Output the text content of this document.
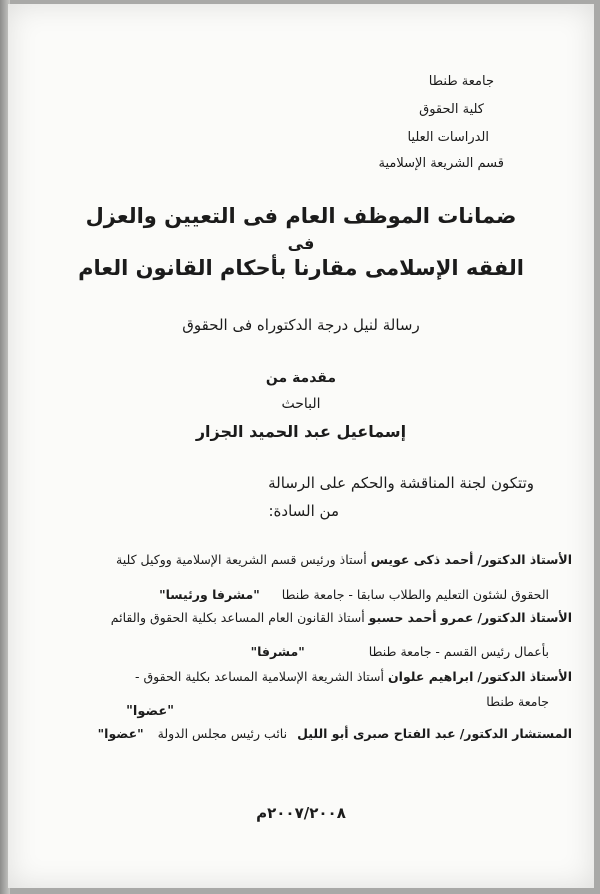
جامعة طنطا
كلية الحقوق
الدراسات العليا
قسم الشريعة الإسلامية
ضمانات الموظف العام فى التعيين والعزل
فى
الفقه الإسلامى مقارنا بأحكام القانون العام
رسالة لنيل درجة الدكتوراه فى الحقوق
مقدمة من
الباحث
إسماعيل عبد الحميد الجزار
وتتكون لجنة المناقشة والحكم على الرسالة
من السادة:
الأستاذ الدكتور/ أحمد ذكى عويس أستاذ ورئيس قسم الشريعة الإسلامية ووكيل كلية
الحقوق لشئون التعليم والطلاب سابقا - جامعة طنطا "مشرفا ورئيسا"
الأستاذ الدكتور/ عمرو أحمد حسبو أستاذ القانون العام المساعد بكلية الحقوق والقائم
بأعمال رئيس القسم - جامعة طنطا "مشرفا"
الأستاذ الدكتور/ ابراهيم علوان أستاذ الشريعة الإسلامية المساعد بكلية الحقوق -
جامعة طنطا
"عضوا"
المستشار الدكتور/ عبد الفتاح صبرى أبو الليل نائب رئيس مجلس الدولة "عضوا"
٢٠٠٧/٢٠٠٨م
